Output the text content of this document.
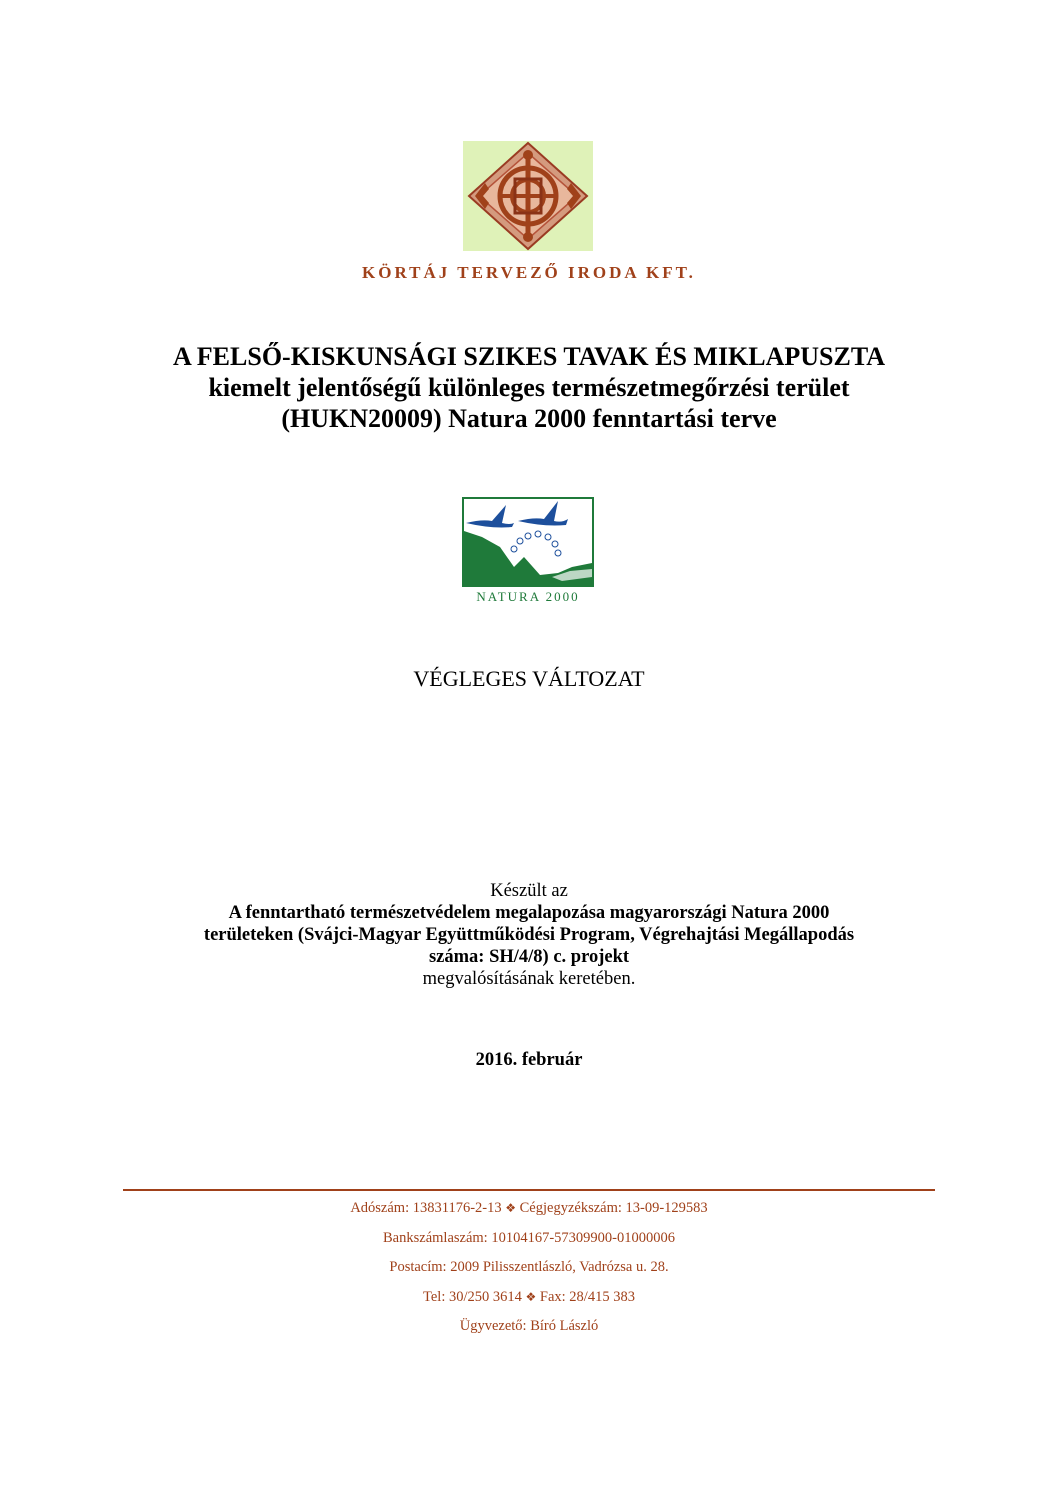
KÖRTÁJ TERVEZŐ IRODA KFT.
A FELSŐ-KISKUNSÁGI SZIKES TAVAK ÉS MIKLAPUSZTA
kiemelt jelentőségű különleges természetmegőrzési terület
(HUKN20009) Natura 2000 fenntartási terve
NATURA 2000
VÉGLEGES VÁLTOZAT
Készült az
A fenntartható természetvédelem megalapozása magyarországi Natura 2000
területeken (Svájci-Magyar Együttműködési Program, Végrehajtási Megállapodás
száma: SH/4/8) c. projekt
megvalósításának keretében.
2016. február
Adószám: 13831176-2-13 ❖ Cégjegyzékszám: 13-09-129583
Bankszámlaszám: 10104167-57309900-01000006
Postacím: 2009 Pilisszentlászló, Vadrózsa u. 28.
Tel: 30/250 3614 ❖ Fax: 28/415 383
Ügyvezető: Bíró László
